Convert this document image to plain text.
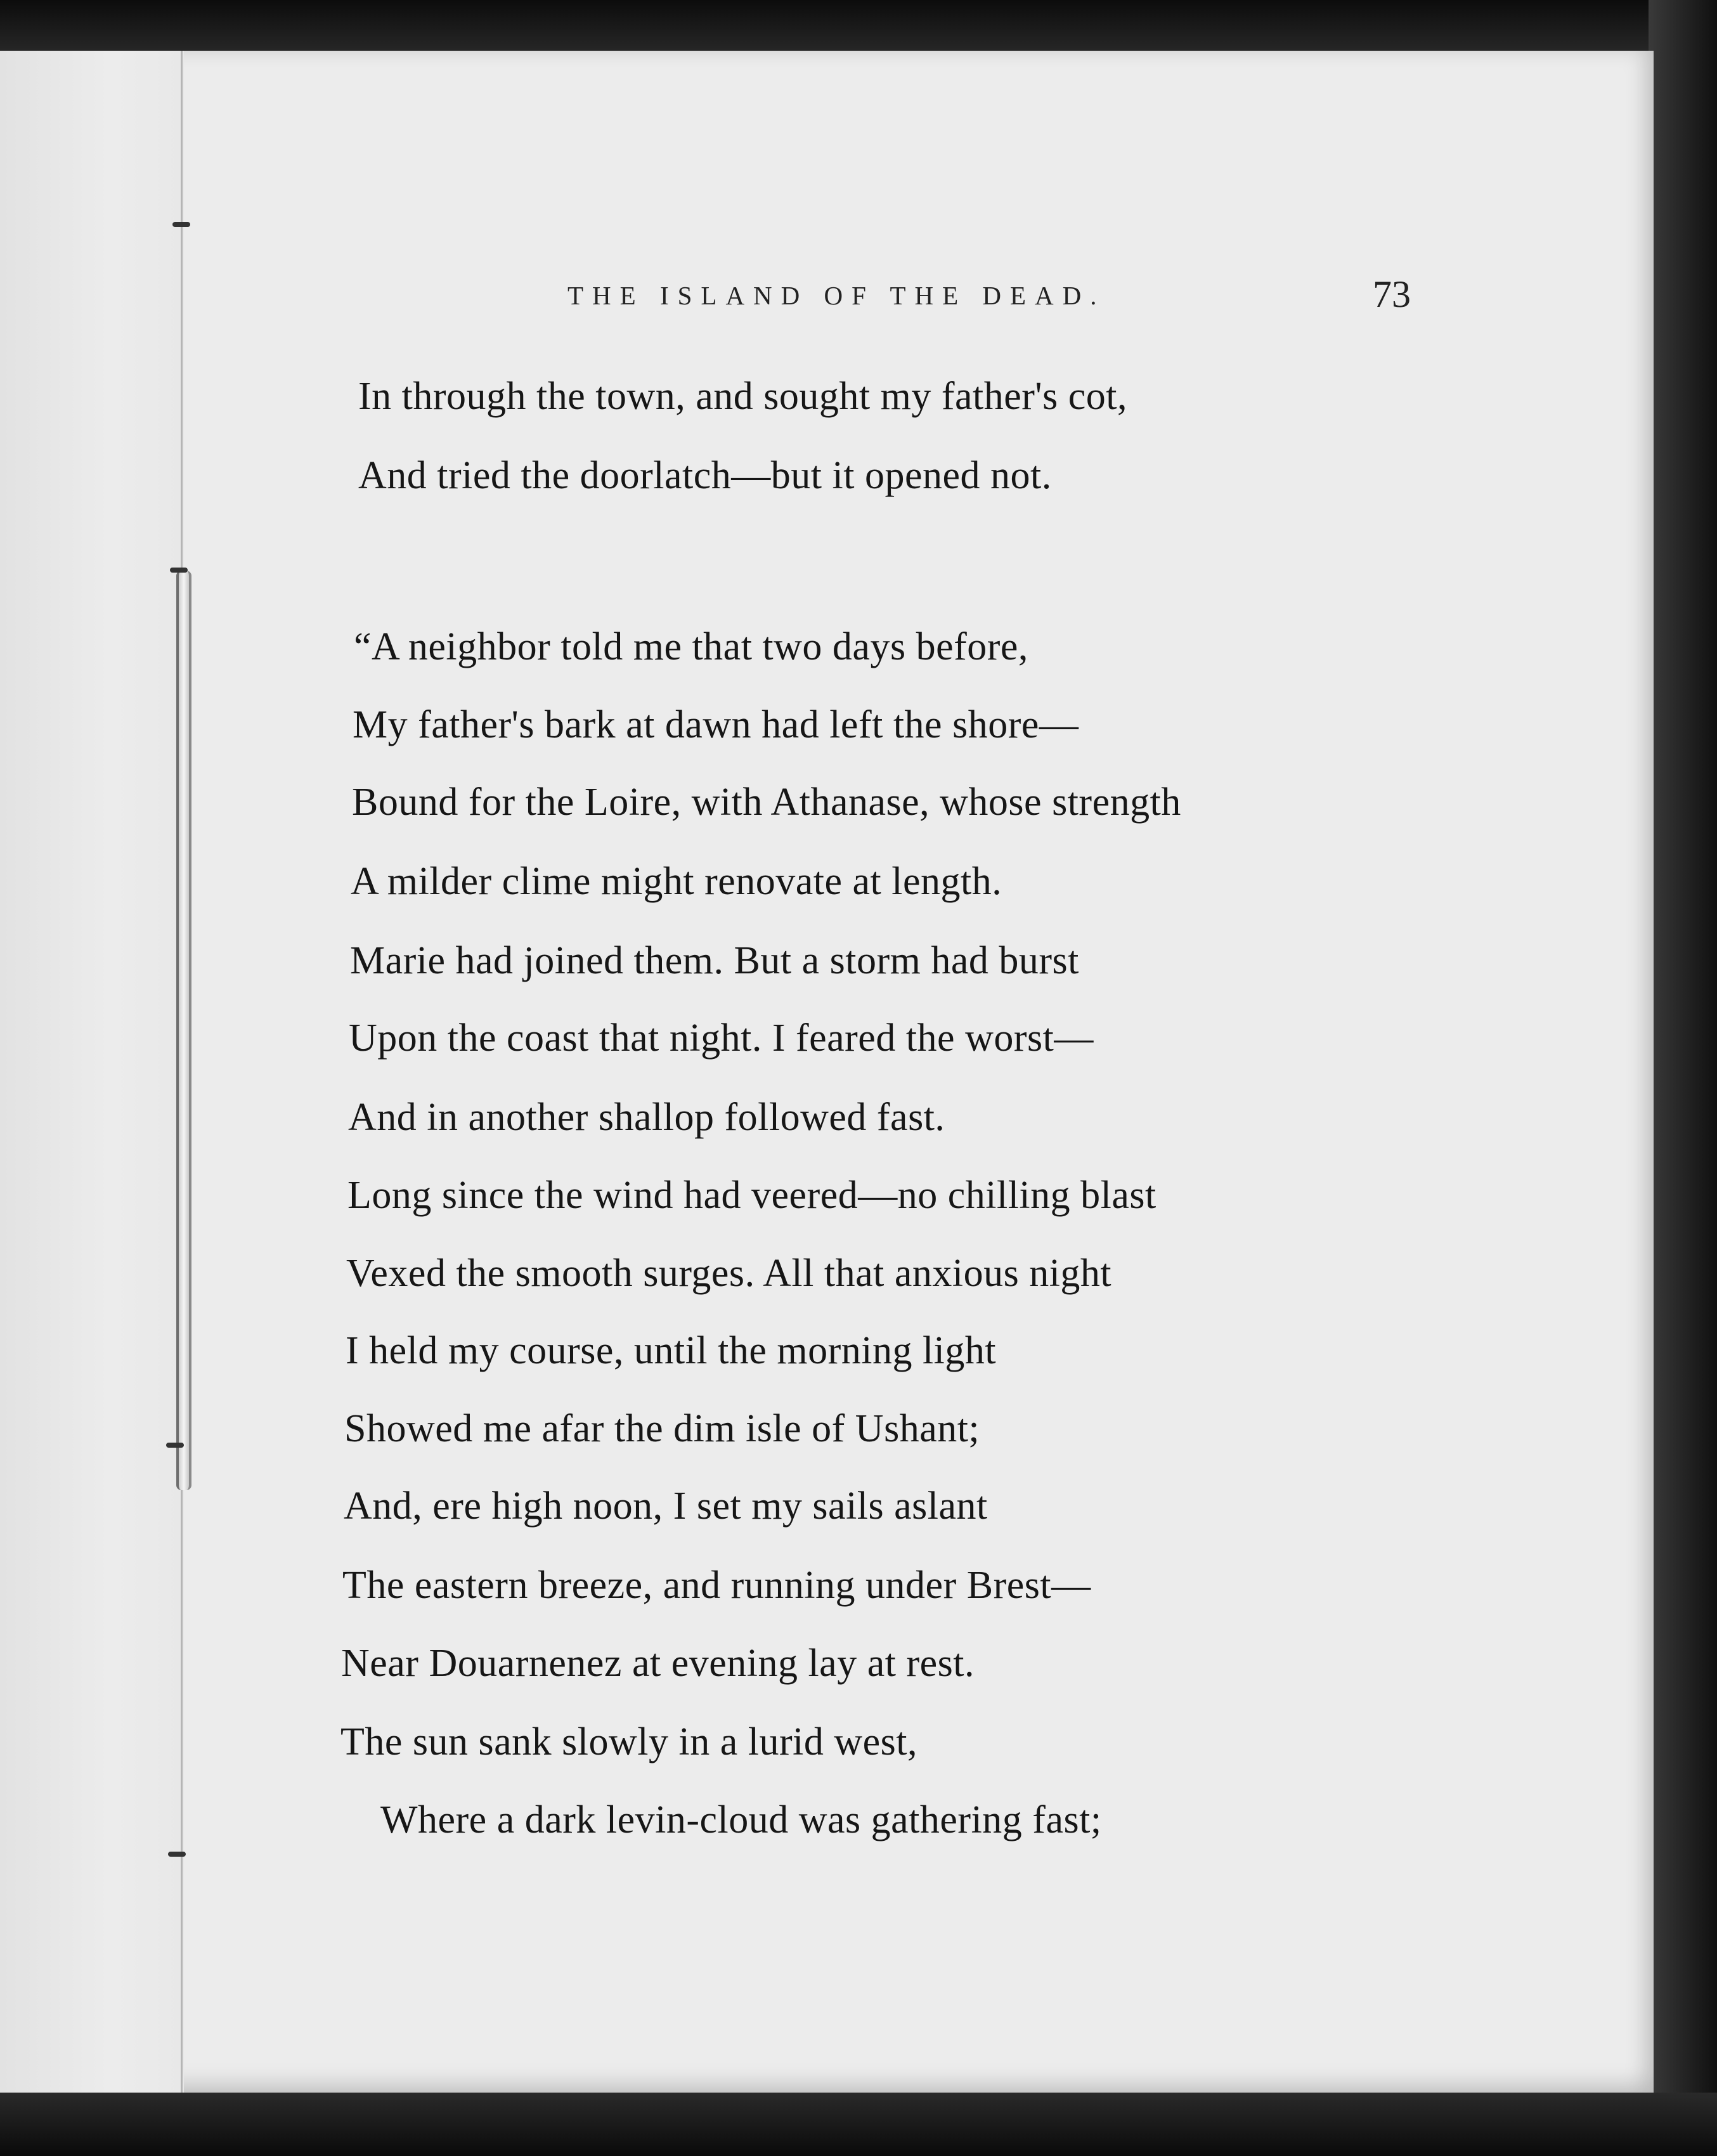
THE ISLAND OF THE DEAD.	73
In through the town, and sought my father's cot,
And tried the doorlatch—but it opened not.
“A neighbor told me that two days before,
My father's bark at dawn had left the shore—
Bound for the Loire, with Athanase, whose strength
A milder clime might renovate at length.
Marie had joined them. But a storm had burst
Upon the coast that night. I feared the worst—
And in another shallop followed fast.
Long since the wind had veered—no chilling blast
Vexed the smooth surges. All that anxious night
I held my course, until the morning light
Showed me afar the dim isle of Ushant;
And, ere high noon, I set my sails aslant
The eastern breeze, and running under Brest—
Near Douarnenez at evening lay at rest.
The sun sank slowly in a lurid west,
Where a dark levin-cloud was gathering fast;
